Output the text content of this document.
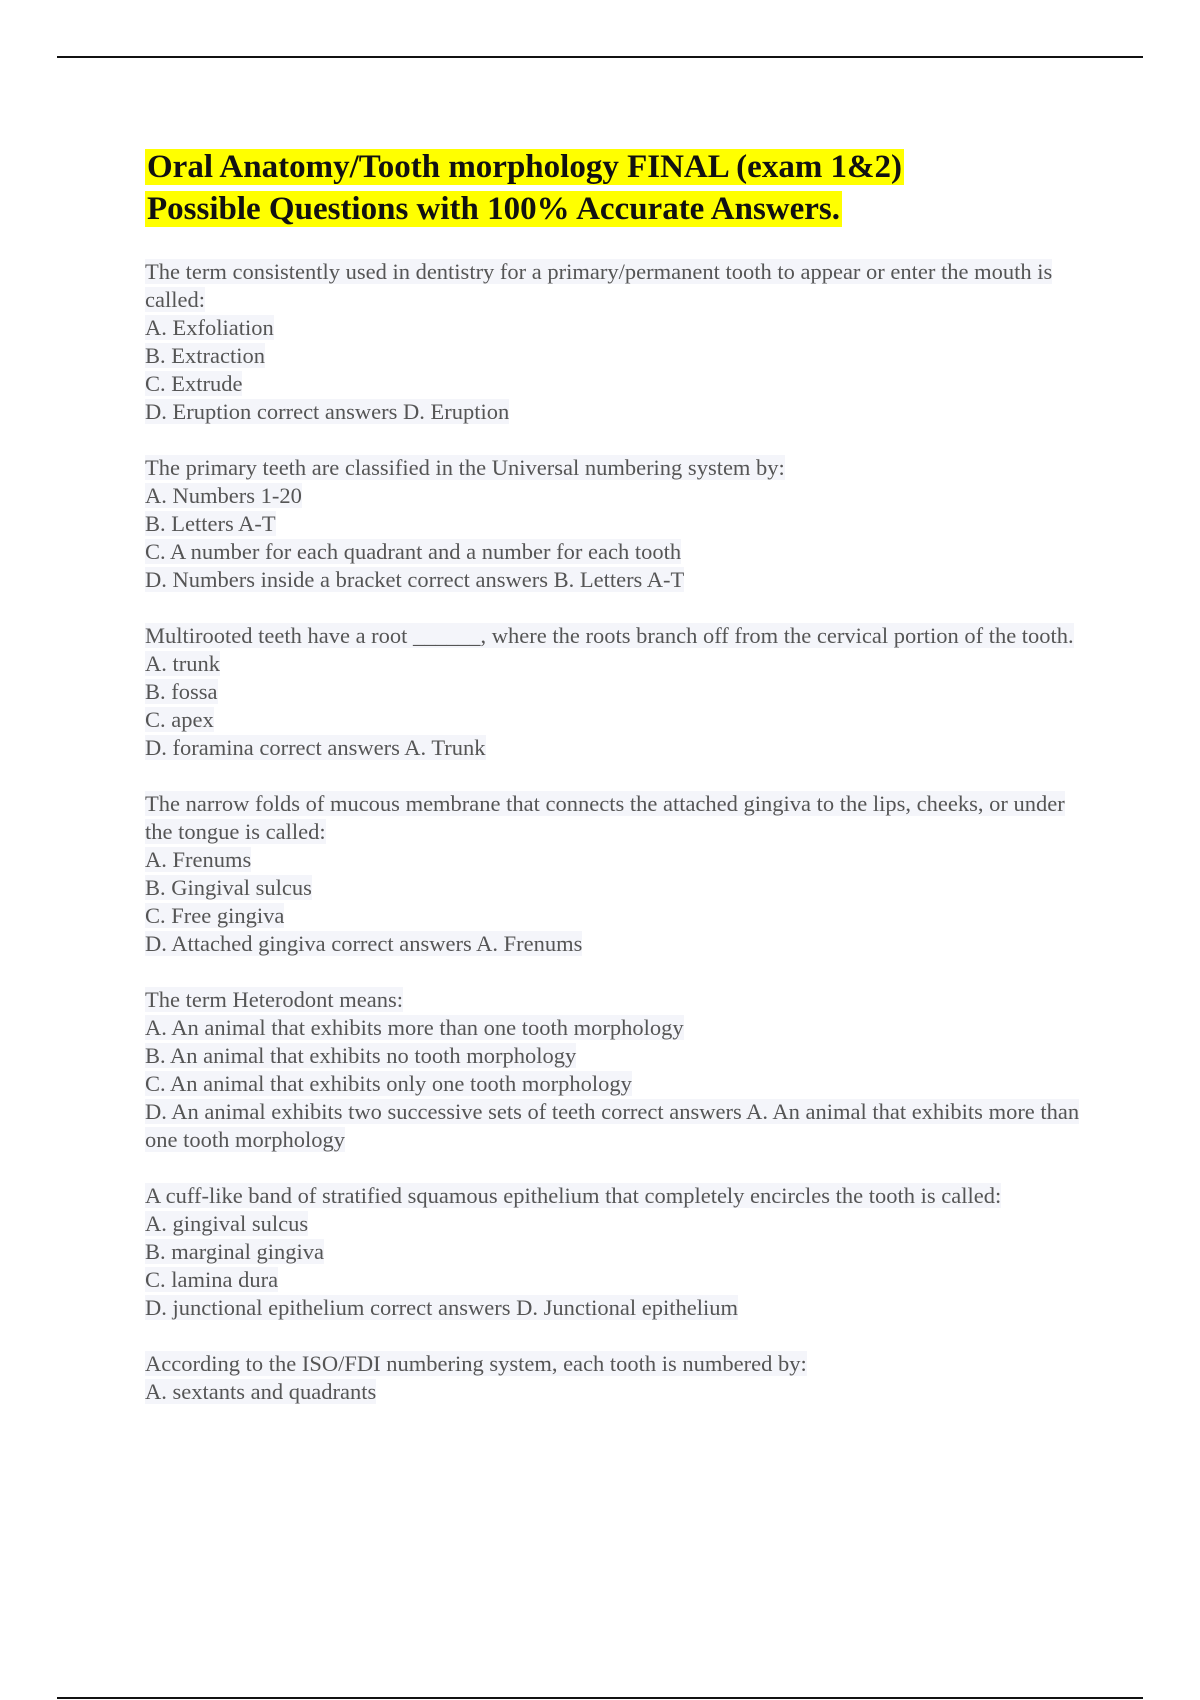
Oral Anatomy/Tooth morphology FINAL (exam 1&2)
Possible Questions with 100% Accurate Answers.
The term consistently used in dentistry for a primary/permanent tooth to appear or enter the mouth is called:
A. Exfoliation
B. Extraction
C. Extrude
D. Eruption correct answers D. Eruption
The primary teeth are classified in the Universal numbering system by:
A. Numbers 1-20
B. Letters A-T
C. A number for each quadrant and a number for each tooth
D. Numbers inside a bracket correct answers B. Letters A-T
Multirooted teeth have a root ______, where the roots branch off from the cervical portion of the tooth.
A. trunk
B. fossa
C. apex
D. foramina correct answers A. Trunk
The narrow folds of mucous membrane that connects the attached gingiva to the lips, cheeks, or under the tongue is called:
A. Frenums
B. Gingival sulcus
C. Free gingiva
D. Attached gingiva correct answers A. Frenums
The term Heterodont means:
A. An animal that exhibits more than one tooth morphology
B. An animal that exhibits no tooth morphology
C. An animal that exhibits only one tooth morphology
D. An animal exhibits two successive sets of teeth correct answers A. An animal that exhibits more than one tooth morphology
A cuff-like band of stratified squamous epithelium that completely encircles the tooth is called:
A. gingival sulcus
B. marginal gingiva
C. lamina dura
D. junctional epithelium correct answers D. Junctional epithelium
According to the ISO/FDI numbering system, each tooth is numbered by:
A. sextants and quadrants
